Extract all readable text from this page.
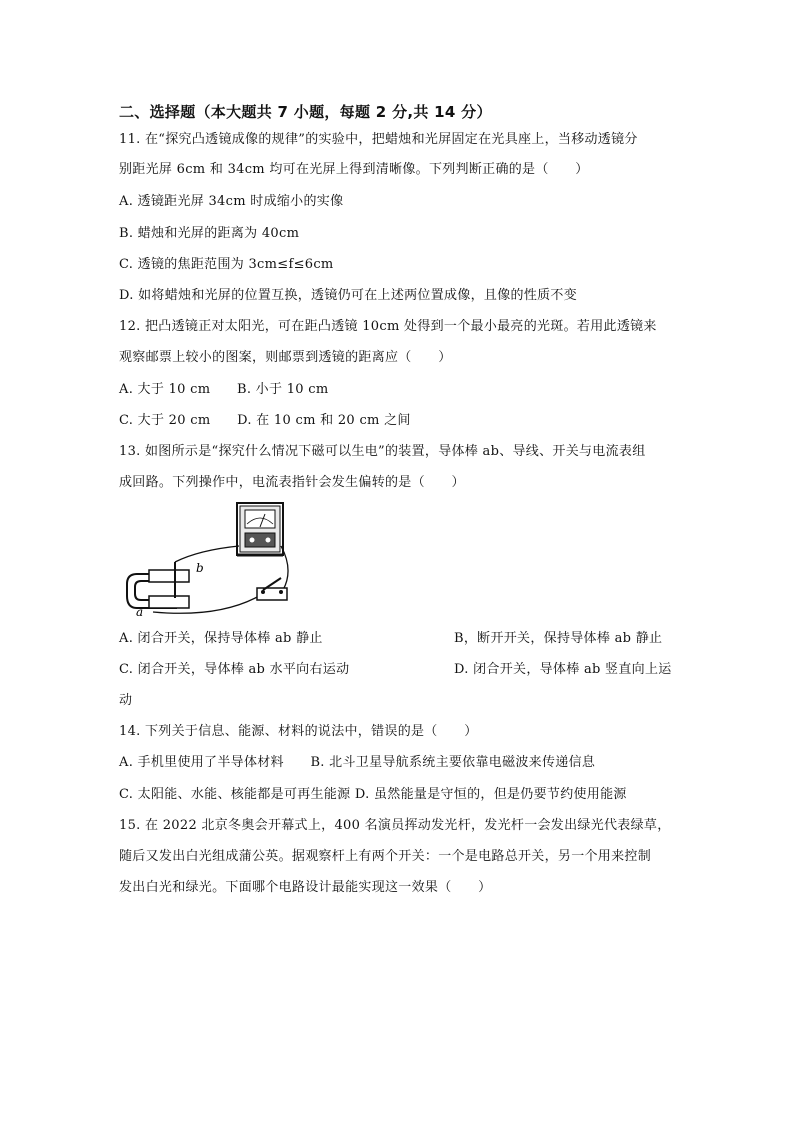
二、选择题（本大题共 7 小题，每题 2 分,共 14 分）
11. 在“探究凸透镜成像的规律”的实验中，把蜡烛和光屏固定在光具座上，当移动透镜分
别距光屏 6cm 和 34cm 均可在光屏上得到清晰像。下列判断正确的是（　　）
A. 透镜距光屏 34cm 时成缩小的实像
B. 蜡烛和光屏的距离为 40cm
C. 透镜的焦距范围为 3cm≤f≤6cm
D. 如将蜡烛和光屏的位置互换，透镜仍可在上述两位置成像，且像的性质不变
12. 把凸透镜正对太阳光，可在距凸透镜 10cm 处得到一个最小最亮的光斑。若用此透镜来
观察邮票上较小的图案，则邮票到透镜的距离应（　　）
A. 大于 10 cm　　B. 小于 10 cm
C. 大于 20 cm　　D. 在 10 cm 和 20 cm 之间
13. 如图所示是“探究什么情况下磁可以生电”的装置，导体棒 ab、导线、开关与电流表组
成回路。下列操作中，电流表指针会发生偏转的是（　　）
b
a
A. 闭合开关，保持导体棒 ab 静止	B，断开开关，保持导体棒 ab 静止
C. 闭合开关，导体棒 ab 水平向右运动	D. 闭合开关，导体棒 ab 竖直向上运
动
14. 下列关于信息、能源、材料的说法中，错误的是（　　）
A. 手机里使用了半导体材料　　B. 北斗卫星导航系统主要依靠电磁波来传递信息
C. 太阳能、水能、核能都是可再生能源 D. 虽然能量是守恒的，但是仍要节约使用能源
15. 在 2022 北京冬奥会开幕式上，400 名演员挥动发光杆，发光杆一会发出绿光代表绿草，
随后又发出白光组成蒲公英。据观察杆上有两个开关：一个是电路总开关，另一个用来控制
发出白光和绿光。下面哪个电路设计最能实现这一效果（　　）
